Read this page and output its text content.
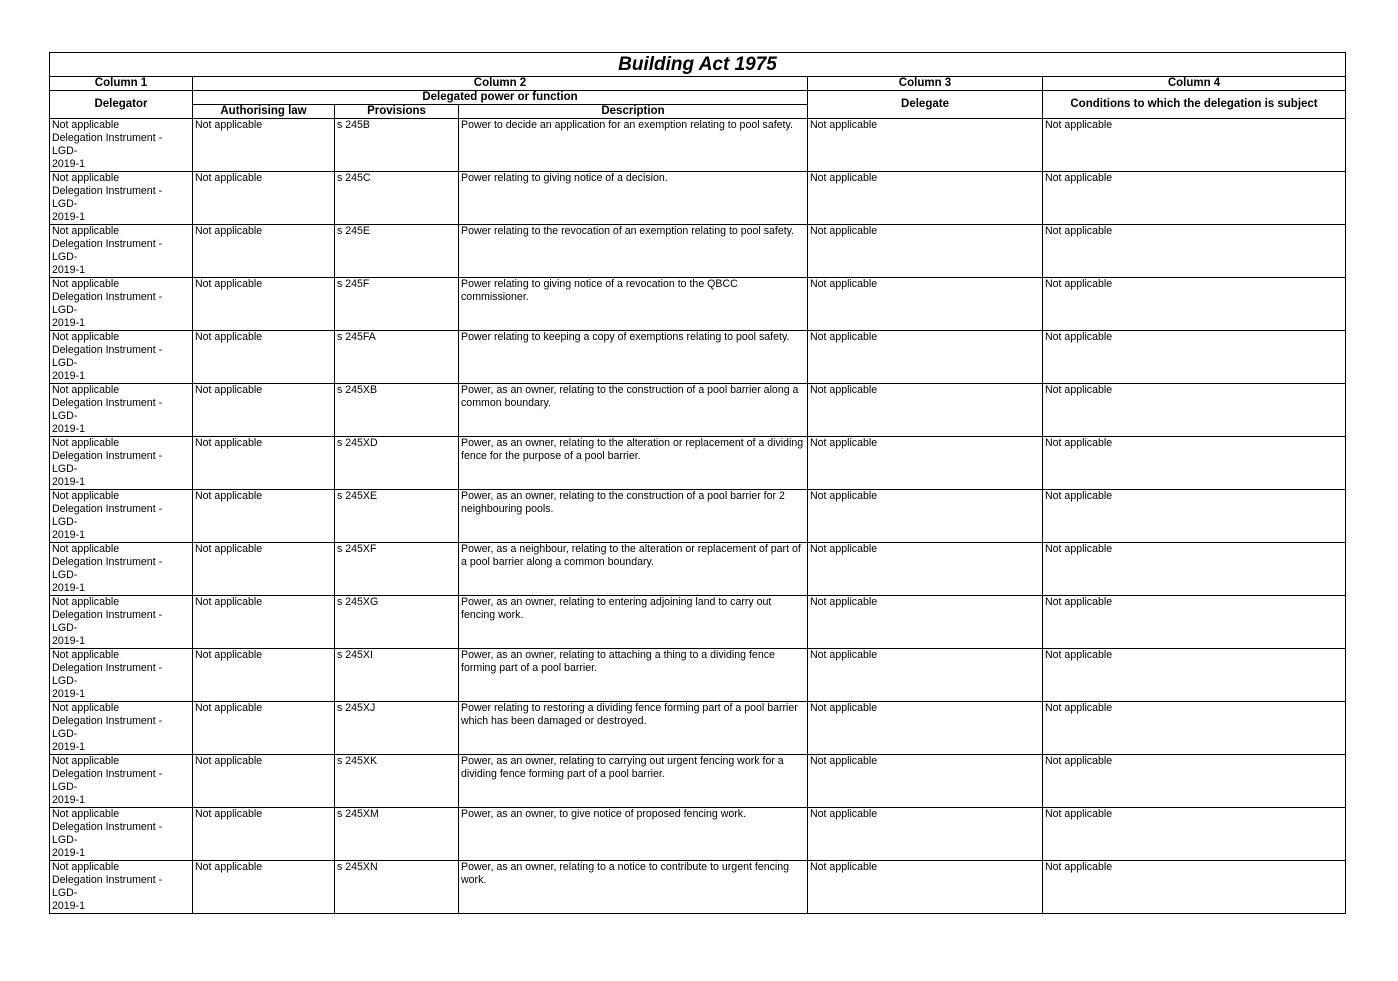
Building Act 1975					
Column 1	Column 2			Column 3	Column 4
Delegator	Delegated power or function			Delegate	Conditions to which the delegation is subject
	Authorising law	Provisions	Description		

Not applicable
Delegation Instrument - LGD-
2019-1	Not applicable	s 245B	Power to decide an application for an exemption relating to pool safety.	Not applicable	Not applicable

Not applicable
Delegation Instrument - LGD-
2019-1	Not applicable	s 245C	Power relating to giving notice of a decision.	Not applicable	Not applicable

Not applicable
Delegation Instrument - LGD-
2019-1	Not applicable	s 245E	Power relating to the revocation of an exemption relating to pool safety.	Not applicable	Not applicable

Not applicable
Delegation Instrument - LGD-
2019-1	Not applicable	s 245F	Power relating to giving notice of a revocation to the QBCC commissioner.	Not applicable	Not applicable

Not applicable
Delegation Instrument - LGD-
2019-1	Not applicable	s 245FA	Power relating to keeping a copy of exemptions relating to pool safety.	Not applicable	Not applicable

Not applicable
Delegation Instrument - LGD-
2019-1	Not applicable	s 245XB	Power, as an owner, relating to the construction of a pool barrier along a common boundary.	Not applicable	Not applicable

Not applicable
Delegation Instrument - LGD-
2019-1	Not applicable	s 245XD	Power, as an owner, relating to the alteration or replacement of a dividing fence for the purpose of a pool barrier.	Not applicable	Not applicable

Not applicable
Delegation Instrument - LGD-
2019-1	Not applicable	s 245XE	Power, as an owner, relating to the construction of a pool barrier for 2 neighbouring pools.	Not applicable	Not applicable

Not applicable
Delegation Instrument - LGD-
2019-1	Not applicable	s 245XF	Power, as a neighbour, relating to the alteration or replacement of part of a pool barrier along a common boundary.	Not applicable	Not applicable

Not applicable
Delegation Instrument - LGD-
2019-1	Not applicable	s 245XG	Power, as an owner, relating to entering adjoining land to carry out fencing work.	Not applicable	Not applicable

Not applicable
Delegation Instrument - LGD-
2019-1	Not applicable	s 245XI	Power, as an owner, relating to attaching a thing to a dividing fence forming part of a pool barrier.	Not applicable	Not applicable

Not applicable
Delegation Instrument - LGD-
2019-1	Not applicable	s 245XJ	Power relating to restoring a dividing fence forming part of a pool barrier which has been damaged or destroyed.	Not applicable	Not applicable

Not applicable
Delegation Instrument - LGD-
2019-1	Not applicable	s 245XK	Power, as an owner, relating to carrying out urgent fencing work for a dividing fence forming part of a pool barrier.	Not applicable	Not applicable

Not applicable
Delegation Instrument - LGD-
2019-1	Not applicable	s 245XM	Power, as an owner, to give notice of proposed fencing work.	Not applicable	Not applicable

Not applicable
Delegation Instrument - LGD-
2019-1	Not applicable	s 245XN	Power, as an owner, relating to a notice to contribute to urgent fencing work.	Not applicable	Not applicable
